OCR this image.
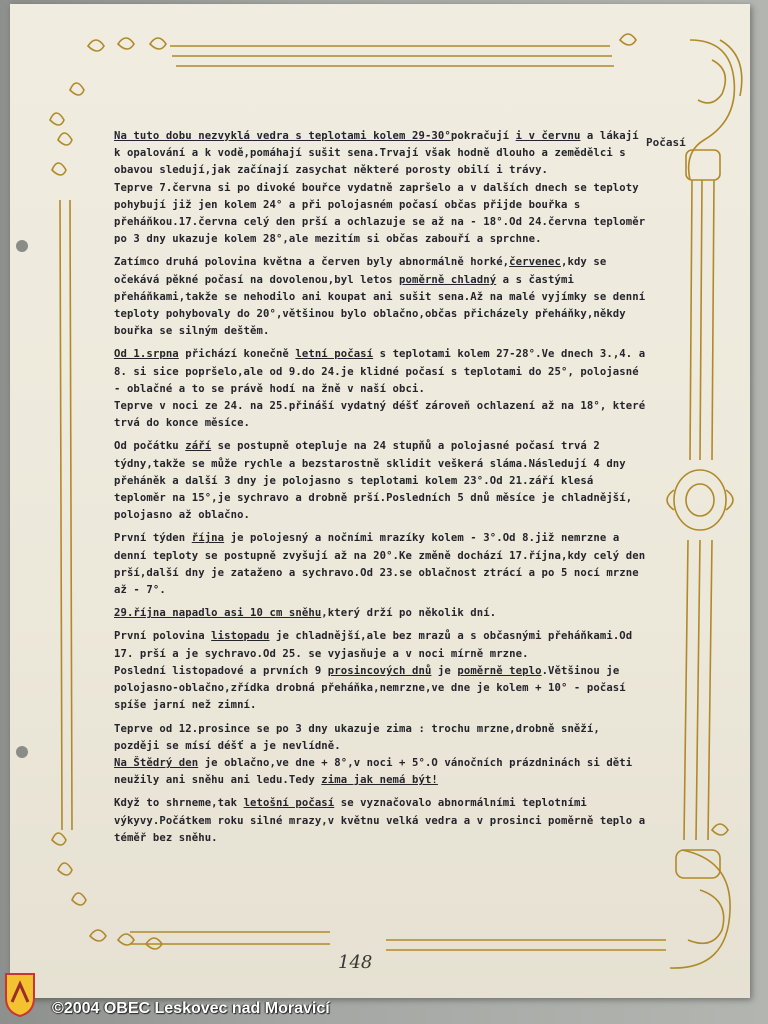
Počasí

Na tuto dobu nezvyklá vedra s teplotami kolem 29-30°pokračují i v červnu a lákají k opalování a k vodě,pomáhají sušit sena.Trvají však hodně dlouho a zemědělci s obavou sledují,jak začínají zasychat některé porosty obilí i trávy.

Teprve 7.června si po divoké bouřce vydatně zapršelo a v dalších dnech se teploty pohybují již jen kolem 24° a při polojasném počasí občas přijde bouřka s přeháňkou.17.června celý den prší a ochlazuje se až na - 18°.Od 24.června teploměr po 3 dny ukazuje kolem 28°,ale mezitím si občas zabouří a sprchne.

Zatímco druhá polovina května a červen byly abnormálně horké,červenec,kdy se očekává pěkné počasí na dovolenou,byl letos poměrně chladný a s častými přeháňkami,takže se nehodilo ani koupat ani sušit sena.Až na malé vyjímky se denní teploty pohybovaly do 20°,většinou bylo oblačno,občas přicházely přeháňky,někdy bouřka se silným deštěm.

Od 1.srpna přichází konečně letní počasí s teplotami kolem 27-28°.Ve dnech 3.,4. a 8. si sice popršelo,ale od 9.do 24.je klidné počasí s teplotami do 25°, polojasné - oblačné a to se právě hodí na žně v naší obci.

Teprve v noci ze 24. na 25.přináší vydatný déšť zároveň ochlazení až na 18°, které trvá do konce měsíce.

Od počátku září se postupně otepluje na 24 stupňů a polojasné počasí trvá 2 týdny,takže se může rychle a bezstarostně sklidit veškerá sláma.Následují 4 dny přeháněk a další 3 dny je polojasno s teplotami kolem 23°.Od 21.září klesá teploměr na 15°,je sychravo a drobně prší.Posledních 5 dnů měsíce je chladnější, polojasno až oblačno.

První týden října je polojesný a nočními mrazíky kolem - 3°.Od 8.již nemrzne a denní teploty se postupně zvyšují až na 20°.Ke změně dochází 17.října,kdy celý den prší,další dny je zataženo a sychravo.Od 23.se oblačnost ztrácí a po 5 nocí mrzne až - 7°.

29.října napadlo asi 10 cm sněhu,který drží po několik dní.

První polovina listopadu je chladnější,ale bez mrazů a s občasnými přeháňkami.Od 17. prší a je sychravo.Od 25. se vyjasňuje a v noci mírně mrzne.

Poslední listopadové a prvních 9 prosincových dnů je poměrně teplo.Většinou je polojasno-oblačno,zřídka drobná přeháňka,nemrzne,ve dne je kolem + 10° - počasí spíše jarní než zimní.

Teprve od 12.prosince se po 3 dny ukazuje zima : trochu mrzne,drobně sněží, později se mísí déšť a je nevlídně.

Na Štědrý den je oblačno,ve dne + 8°,v noci + 5°.O vánočních prázdninách si děti neužily ani sněhu ani ledu.Tedy zima jak nemá být!

Když to shrneme,tak letošní počasí se vyznačovalo abnormálními teplotními výkyvy.Počátkem roku silné mrazy,v květnu velká vedra a v prosinci poměrně teplo a téměř bez sněhu.

148
©2004 OBEC Leskovec nad Moravicí
